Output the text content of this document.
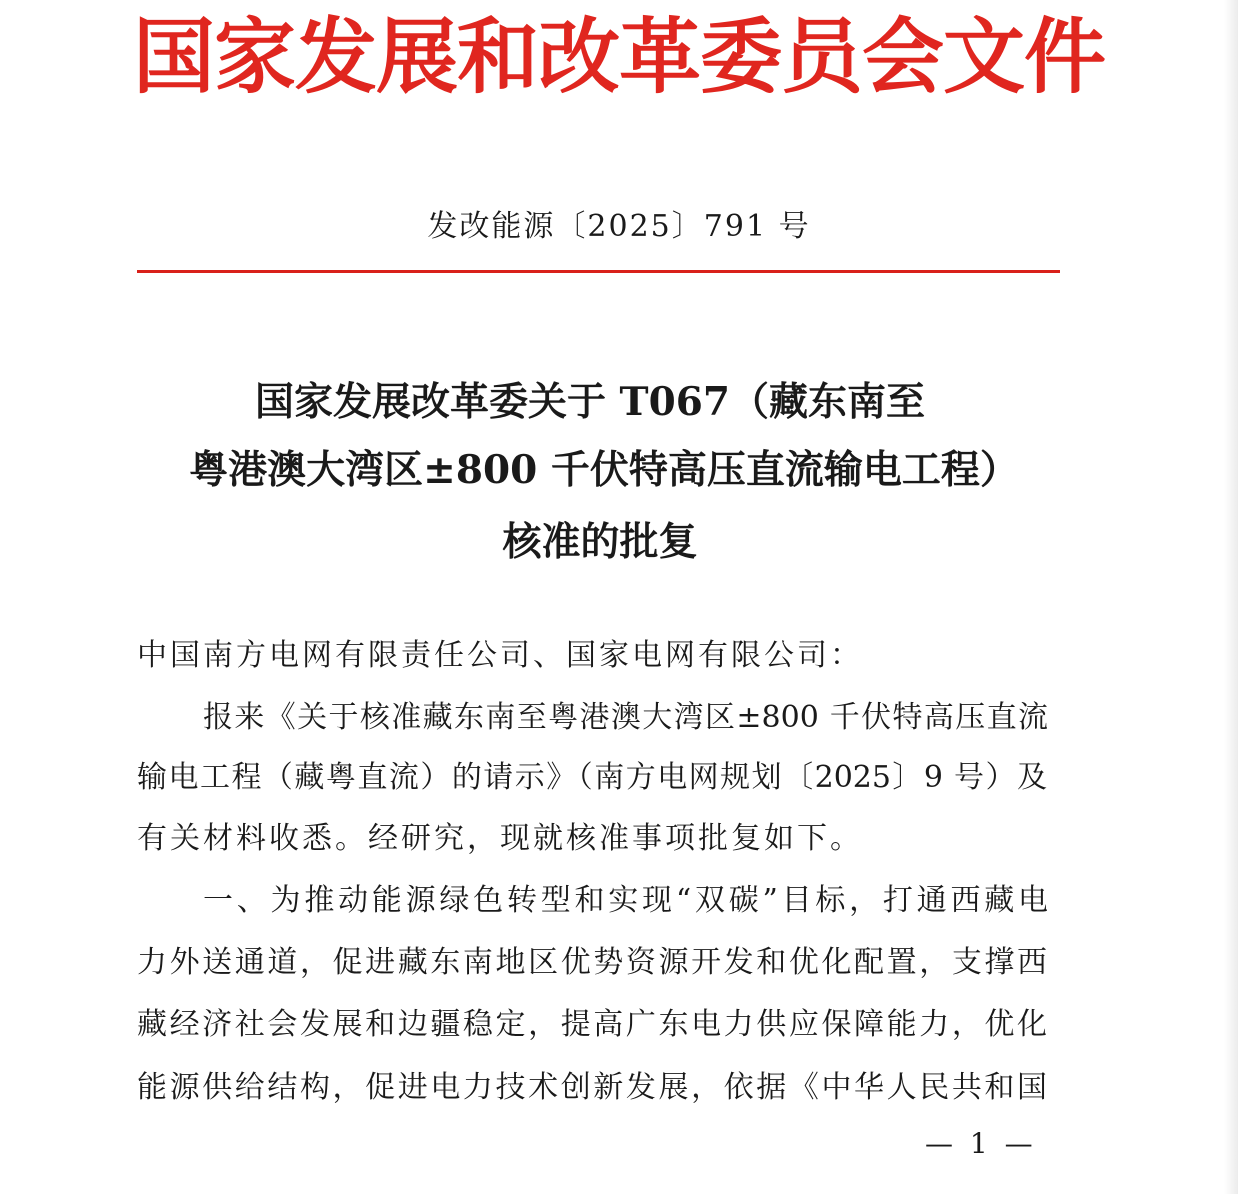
国家发展和改革委员会文件
发改能源〔2025〕791 号
国家发展改革委关于 T067（藏东南至
粤港澳大湾区±800 千伏特高压直流输电工程）
核准的批复
中国南方电网有限责任公司、国家电网有限公司：
报来《关于核准藏东南至粤港澳大湾区±800 千伏特高压直流
输电工程（藏粤直流）的请示》（南方电网规划〔2025〕9 号）及
有关材料收悉。经研究，现就核准事项批复如下。
一、为推动能源绿色转型和实现“双碳”目标，打通西藏电
力外送通道，促进藏东南地区优势资源开发和优化配置，支撑西
藏经济社会发展和边疆稳定，提高广东电力供应保障能力，优化
能源供给结构，促进电力技术创新发展，依据《中华人民共和国
— 1 —
